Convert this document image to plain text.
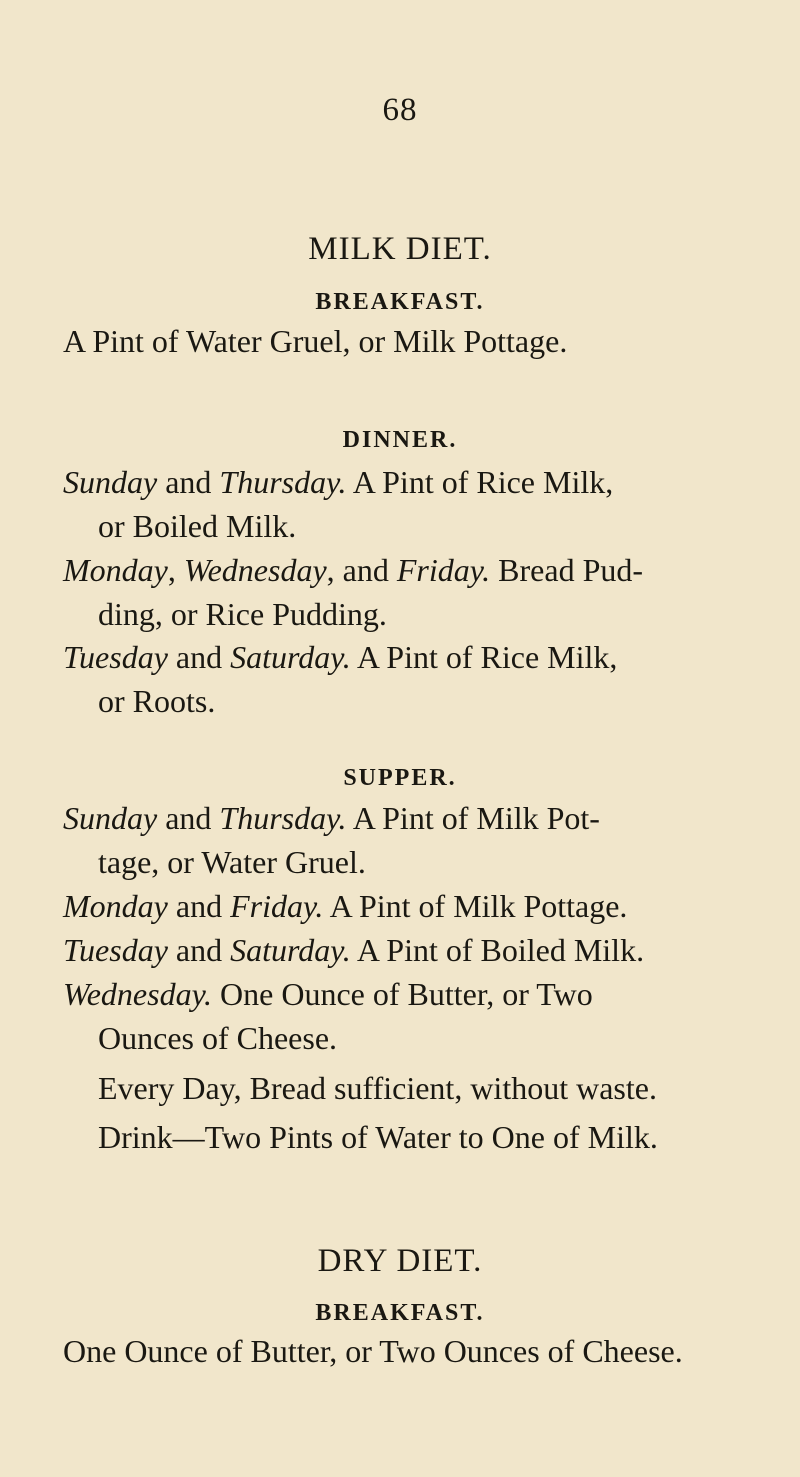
68
MILK DIET.
BREAKFAST.

A Pint of Water Gruel, or Milk Pottage.

DINNER.

Sunday and Thursday. A Pint of Rice Milk,

or Boiled Milk.

Monday, Wednesday, and Friday. Bread Pud-

ding, or Rice Pudding.

Tuesday and Saturday. A Pint of Rice Milk,

or Roots.

SUPPER.

Sunday and Thursday. A Pint of Milk Pot-

tage, or Water Gruel.

Monday and Friday. A Pint of Milk Pottage.

Tuesday and Saturday. A Pint of Boiled Milk.

Wednesday. One Ounce of Butter, or Two

Ounces of Cheese.

Every Day, Bread sufficient, without waste.

Drink—Two Pints of Water to One of Milk.

DRY DIET.
BREAKFAST.

One Ounce of Butter, or Two Ounces of Cheese.
